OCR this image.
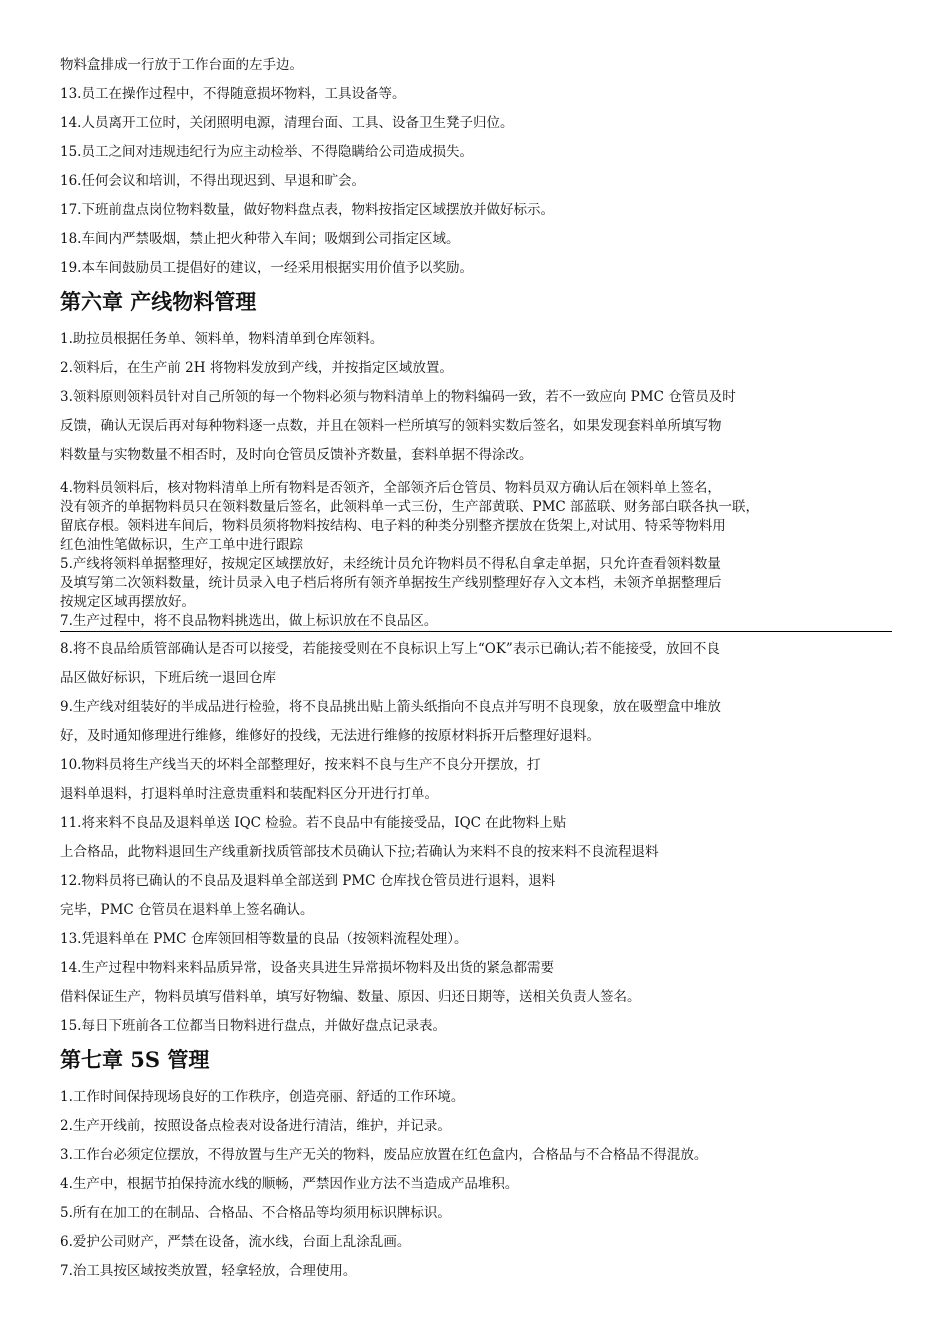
物料盒排成一行放于工作台面的左手边。

13.员工在操作过程中，不得随意损坏物料，工具设备等。

14.人员离开工位时，关闭照明电源，清理台面、工具、设备卫生凳子归位。

15.员工之间对违规违纪行为应主动检举、不得隐瞒给公司造成损失。

16.任何会议和培训，不得出现迟到、早退和旷会。

17.下班前盘点岗位物料数量，做好物料盘点表，物料按指定区域摆放并做好标示。

18.车间内严禁吸烟，禁止把火种带入车间；吸烟到公司指定区域。

19.本车间鼓励员工提倡好的建议，一经采用根据实用价值予以奖励。

第六章 产线物料管理

1.助拉员根据任务单、领料单，物料清单到仓库领料。

2.领料后，在生产前 2H 将物料发放到产线，并按指定区域放置。

3.领料原则领料员针对自己所领的每一个物料必须与物料清单上的物料编码一致，若不一致应向 PMC 仓管员及时

反馈，确认无误后再对每种物料逐一点数，并且在领料一栏所填写的领料实数后签名，如果发现套料单所填写物

料数量与实物数量不相否时，及时向仓管员反馈补齐数量，套料单据不得涂改。

4.物料员领料后，核对物料清单上所有物料是否领齐，全部领齐后仓管员、物料员双方确认后在领料单上签名，

没有领齐的单据物料员只在领料数量后签名，此领料单一式三份，生产部黄联、PMC 部蓝联、财务部白联各执一联，

留底存根。领料进车间后，物料员须将物料按结构、电子料的种类分别整齐摆放在货架上,对试用、特采等物料用

红色油性笔做标识，生产工单中进行跟踪

5.产线将领料单据整理好，按规定区域摆放好，未经统计员允许物料员不得私自拿走单据，只允许查看领料数量

及填写第二次领料数量，统计员录入电子档后将所有领齐单据按生产线别整理好存入文本档，未领齐单据整理后

按规定区域再摆放好。

7.生产过程中，将不良品物料挑选出，做上标识放在不良品区。

8.将不良品给质管部确认是否可以接受，若能接受则在不良标识上写上“OK”表示已确认;若不能接受，放回不良

品区做好标识，下班后统一退回仓库

9.生产线对组装好的半成品进行检验，将不良品挑出贴上箭头纸指向不良点并写明不良现象，放在吸塑盒中堆放

好，及时通知修理进行维修，维修好的投线，无法进行维修的按原材料拆开后整理好退料。

10.物料员将生产线当天的坏料全部整理好，按来料不良与生产不良分开摆放，打

退料单退料，打退料单时注意贵重料和装配料区分开进行打单。

11.将来料不良品及退料单送 IQC 检验。若不良品中有能接受品，IQC 在此物料上贴

上合格品，此物料退回生产线重新找质管部技术员确认下拉;若确认为来料不良的按来料不良流程退料

12.物料员将已确认的不良品及退料单全部送到 PMC 仓库找仓管员进行退料，退料

完毕，PMC 仓管员在退料单上签名确认。

13.凭退料单在 PMC 仓库领回相等数量的良品（按领料流程处理）。

14.生产过程中物料来料品质异常，设备夹具进生异常损坏物料及出货的紧急都需要

借料保证生产，物料员填写借料单，填写好物编、数量、原因、归还日期等，送相关负责人签名。

15.每日下班前各工位都当日物料进行盘点，并做好盘点记录表。

第七章 5S 管理

1.工作时间保持现场良好的工作秩序，创造亮丽、舒适的工作环境。

2.生产开线前，按照设备点检表对设备进行清洁，维护，并记录。

3.工作台必须定位摆放，不得放置与生产无关的物料，废品应放置在红色盒内，合格品与不合格品不得混放。

4.生产中，根据节拍保持流水线的顺畅，严禁因作业方法不当造成产品堆积。

5.所有在加工的在制品、合格品、不合格品等均须用标识牌标识。

6.爱护公司财产，严禁在设备，流水线，台面上乱涂乱画。

7.治工具按区域按类放置，轻拿轻放，合理使用。
